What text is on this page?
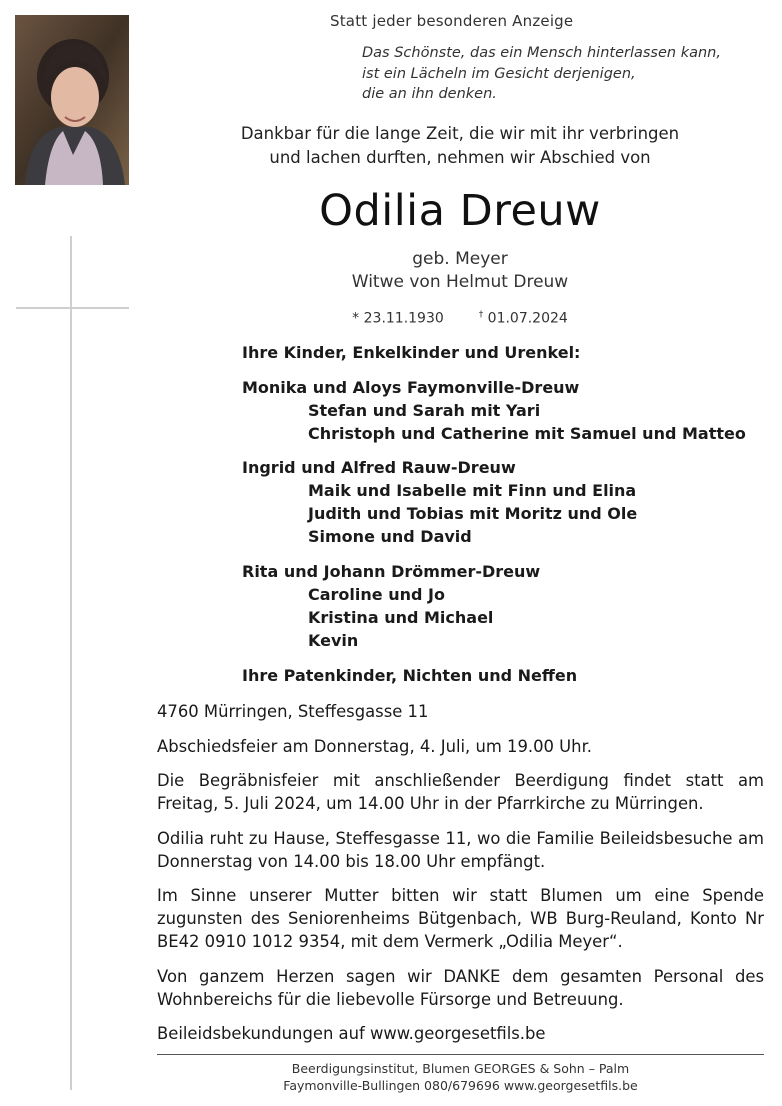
Statt jeder besonderen Anzeige
Das Schönste, das ein Mensch hinterlassen kann,
ist ein Lächeln im Gesicht derjenigen,
die an ihn denken.
Dankbar für die lange Zeit, die wir mit ihr verbringen
und lachen durften, nehmen wir Abschied von
Odilia Dreuw
geb. Meyer
Witwe von Helmut Dreuw
* 23.11.1930	† 01.07.2024
Ihre Kinder, Enkelkinder und Urenkel:
Monika und Aloys Faymonville-Dreuw
Stefan und Sarah mit Yari
Christoph und Catherine mit Samuel und Matteo
Ingrid und Alfred Rauw-Dreuw
Maik und Isabelle mit Finn und Elina
Judith und Tobias mit Moritz und Ole
Simone und David
Rita und Johann Drömmer-Dreuw
Caroline und Jo
Kristina und Michael
Kevin
Ihre Patenkinder, Nichten und Neffen
4760 Mürringen, Steffesgasse 11
Abschiedsfeier am Donnerstag, 4. Juli, um 19.00 Uhr.
Die Begräbnisfeier mit anschließender Beerdigung findet statt am Freitag, 5. Juli 2024, um 14.00 Uhr in der Pfarrkirche zu Mürringen.
Odilia ruht zu Hause, Steffesgasse 11, wo die Familie Beileidsbesuche am Donnerstag von 14.00 bis 18.00 Uhr empfängt.
Im Sinne unserer Mutter bitten wir statt Blumen um eine Spende zugunsten des Seniorenheims Bütgenbach, WB Burg-Reuland, Konto Nr BE42 0910 1012 9354, mit dem Vermerk „Odilia Meyer“.
Von ganzem Herzen sagen wir DANKE dem gesamten Personal des Wohnbereichs für die liebevolle Fürsorge und Betreuung.
Beileidsbekundungen auf www.georgesetfils.be
Beerdigungsinstitut, Blumen GEORGES & Sohn – Palm
Faymonville-Bullingen 080/679696 www.georgesetfils.be
